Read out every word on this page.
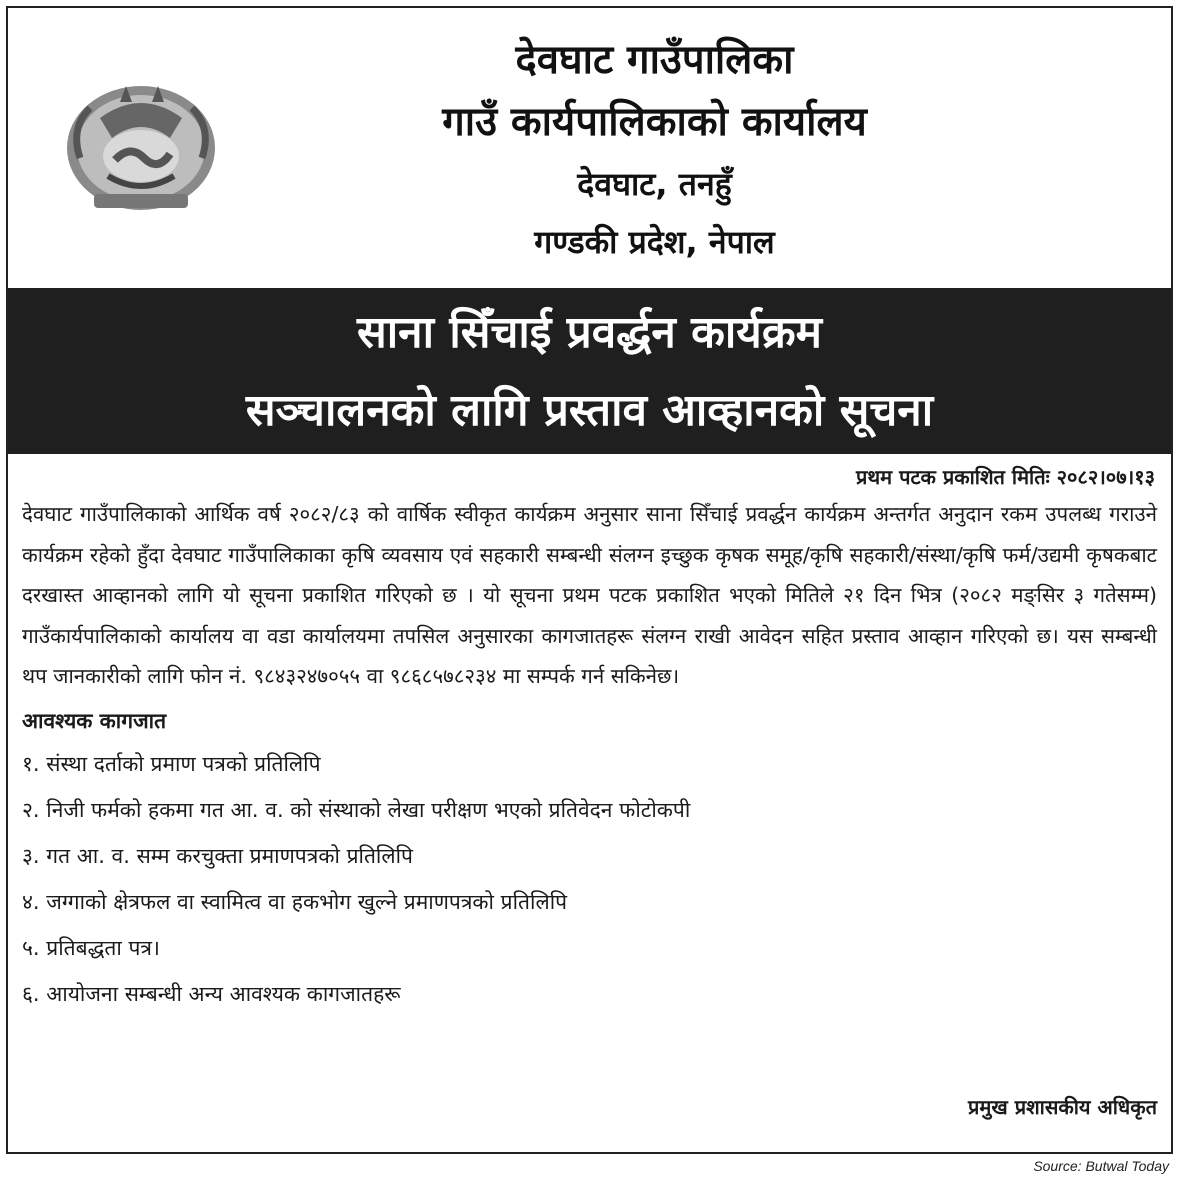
देवघाट गाउँपालिका
गाउँ कार्यपालिकाको कार्यालय
देवघाट, तनहुँ
गण्डकी प्रदेश, नेपाल
साना सिँचाई प्रवर्द्धन कार्यक्रम
सञ्चालनको लागि प्रस्ताव आव्हानको सूचना
प्रथम पटक प्रकाशित मितिः २०८२।०७।१३

देवघाट गाउँपालिकाको आर्थिक वर्ष २०८२/८३ को वार्षिक स्वीकृत कार्यक्रम अनुसार साना सिँचाई प्रवर्द्धन कार्यक्रम अन्तर्गत अनुदान रकम उपलब्ध गराउने कार्यक्रम रहेको हुँदा देवघाट गाउँपालिकाका कृषि व्यवसाय एवं सहकारी सम्बन्धी संलग्न इच्छुक कृषक समूह/कृषि सहकारी/संस्था/कृषि फर्म/उद्यमी कृषकबाट दरखास्त आव्हानको लागि यो सूचना प्रकाशित गरिएको छ । यो सूचना प्रथम पटक प्रकाशित भएको मितिले २१ दिन भित्र (२०८२ मङ्सिर ३ गतेसम्म) गाउँकार्यपालिकाको कार्यालय वा वडा कार्यालयमा तपसिल अनुसारका कागजातहरू संलग्न राखी आवेदन सहित प्रस्ताव आव्हान गरिएको छ। यस सम्बन्धी थप जानकारीको लागि फोन नं. ९८४३२४७०५५ वा ९८६८५७८२३४ मा सम्पर्क गर्न सकिनेछ।

आवश्यक कागजात
१. संस्था दर्ताको प्रमाण पत्रको प्रतिलिपि
२. निजी फर्मको हकमा गत आ. व. को संस्थाको लेखा परीक्षण भएको प्रतिवेदन फोटोकपी
३. गत आ. व. सम्म करचुक्ता प्रमाणपत्रको प्रतिलिपि
४. जग्गाको क्षेत्रफल वा स्वामित्व वा हकभोग खुल्ने प्रमाणपत्रको प्रतिलिपि
५. प्रतिबद्धता पत्र।
६. आयोजना सम्बन्धी अन्य आवश्यक कागजातहरू
प्रमुख प्रशासकीय अधिकृत
Source: Butwal Today
